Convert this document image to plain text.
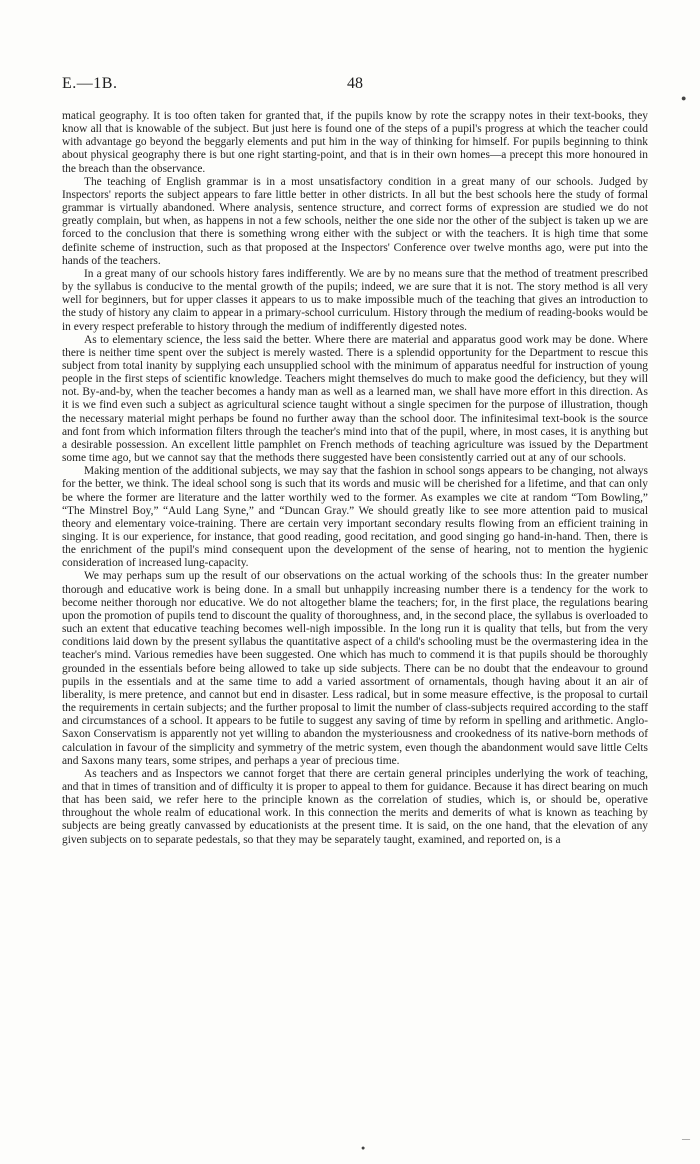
E.—1B.	48

matical geography. It is too often taken for granted that, if the pupils know by rote the scrappy notes in their text-books, they know all that is knowable of the subject. But just here is found one of the steps of a pupil's progress at which the teacher could with advantage go beyond the beggarly elements and put him in the way of thinking for himself. For pupils beginning to think about physical geography there is but one right starting-point, and that is in their own homes—a precept this more honoured in the breach than the observance.

The teaching of English grammar is in a most unsatisfactory condition in a great many of our schools. Judged by Inspectors' reports the subject appears to fare little better in other districts. In all but the best schools here the study of formal grammar is virtually abandoned. Where analysis, sentence structure, and correct forms of expression are studied we do not greatly complain, but when, as happens in not a few schools, neither the one side nor the other of the subject is taken up we are forced to the conclusion that there is something wrong either with the subject or with the teachers. It is high time that some definite scheme of instruction, such as that proposed at the Inspectors' Conference over twelve months ago, were put into the hands of the teachers.

In a great many of our schools history fares indifferently. We are by no means sure that the method of treatment prescribed by the syllabus is conducive to the mental growth of the pupils; indeed, we are sure that it is not. The story method is all very well for beginners, but for upper classes it appears to us to make impossible much of the teaching that gives an introduction to the study of history any claim to appear in a primary-school curriculum. History through the medium of reading-books would be in every respect preferable to history through the medium of indifferently digested notes.

As to elementary science, the less said the better. Where there are material and apparatus good work may be done. Where there is neither time spent over the subject is merely wasted. There is a splendid opportunity for the Department to rescue this subject from total inanity by supplying each unsupplied school with the minimum of apparatus needful for instruction of young people in the first steps of scientific knowledge. Teachers might themselves do much to make good the deficiency, but they will not. By-and-by, when the teacher becomes a handy man as well as a learned man, we shall have more effort in this direction. As it is we find even such a subject as agricultural science taught without a single specimen for the purpose of illustration, though the necessary material might perhaps be found no further away than the school door. The infinitesimal text-book is the source and font from which information filters through the teacher's mind into that of the pupil, where, in most cases, it is anything but a desirable possession. An excellent little pamphlet on French methods of teaching agriculture was issued by the Department some time ago, but we cannot say that the methods there suggested have been consistently carried out at any of our schools.

Making mention of the additional subjects, we may say that the fashion in school songs appears to be changing, not always for the better, we think. The ideal school song is such that its words and music will be cherished for a lifetime, and that can only be where the former are literature and the latter worthily wed to the former. As examples we cite at random “Tom Bowling,” “The Minstrel Boy,” “Auld Lang Syne,” and “Duncan Gray.” We should greatly like to see more attention paid to musical theory and elementary voice-training. There are certain very important secondary results flowing from an efficient training in singing. It is our experience, for instance, that good reading, good recitation, and good singing go hand-in-hand. Then, there is the enrichment of the pupil's mind consequent upon the development of the sense of hearing, not to mention the hygienic consideration of increased lung-capacity.

We may perhaps sum up the result of our observations on the actual working of the schools thus: In the greater number thorough and educative work is being done. In a small but unhappily increasing number there is a tendency for the work to become neither thorough nor educative. We do not altogether blame the teachers; for, in the first place, the regulations bearing upon the promotion of pupils tend to discount the quality of thoroughness, and, in the second place, the syllabus is overloaded to such an extent that educative teaching becomes well-nigh impossible. In the long run it is quality that tells, but from the very conditions laid down by the present syllabus the quantitative aspect of a child's schooling must be the overmastering idea in the teacher's mind. Various remedies have been suggested. One which has much to commend it is that pupils should be thoroughly grounded in the essentials before being allowed to take up side subjects. There can be no doubt that the endeavour to ground pupils in the essentials and at the same time to add a varied assortment of ornamentals, though having about it an air of liberality, is mere pretence, and cannot but end in disaster. Less radical, but in some measure effective, is the proposal to curtail the requirements in certain subjects; and the further proposal to limit the number of class-subjects required according to the staff and circumstances of a school. It appears to be futile to suggest any saving of time by reform in spelling and arithmetic. Anglo-Saxon Conservatism is apparently not yet willing to abandon the mysteriousness and crookedness of its native-born methods of calculation in favour of the simplicity and symmetry of the metric system, even though the abandonment would save little Celts and Saxons many tears, some stripes, and perhaps a year of precious time.

As teachers and as Inspectors we cannot forget that there are certain general principles underlying the work of teaching, and that in times of transition and of difficulty it is proper to appeal to them for guidance. Because it has direct bearing on much that has been said, we refer here to the principle known as the correlation of studies, which is, or should be, operative throughout the whole realm of educational work. In this connection the merits and demerits of what is known as teaching by subjects are being greatly canvassed by educationists at the present time. It is said, on the one hand, that the elevation of any given subjects on to separate pedestals, so that they may be separately taught, examined, and reported on, is a

●
––
●
